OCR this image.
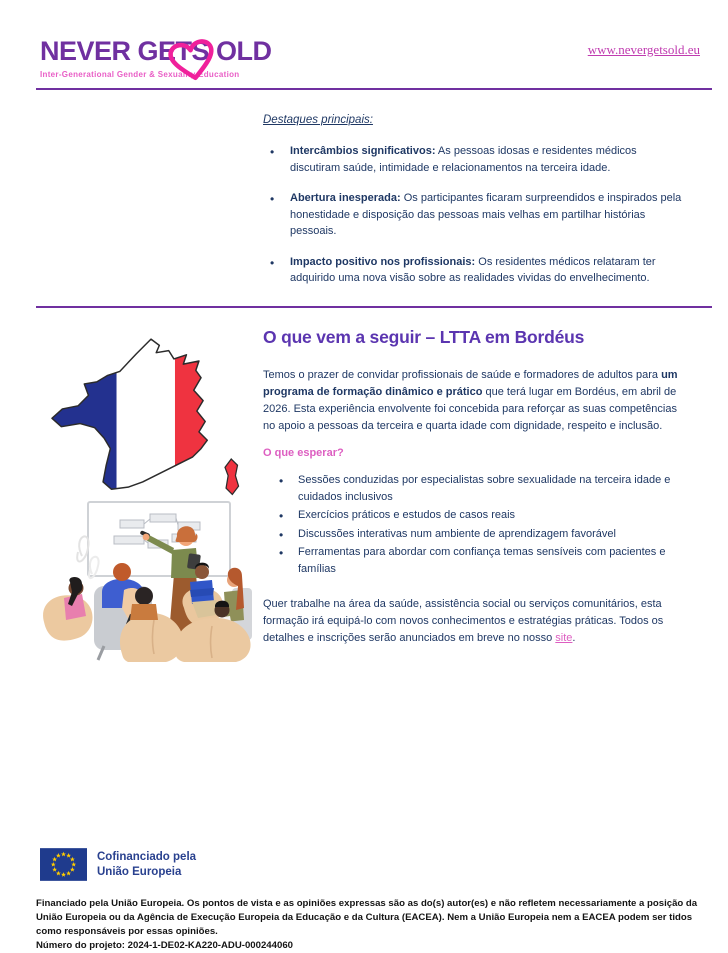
NEVER GETS OLD
Inter-Generational Gender & Sexuality Education
www.nevergetsold.eu

Destaques principais:

• Intercâmbios significativos: As pessoas idosas e residentes médicos discutiram saúde, intimidade e relacionamentos na terceira idade.
• Abertura inesperada: Os participantes ficaram surpreendidos e inspirados pela honestidade e disposição das pessoas mais velhas em partilhar histórias pessoais.
• Impacto positivo nos profissionais: Os residentes médicos relataram ter adquirido uma nova visão sobre as realidades vividas do envelhecimento.
O que vem a seguir – LTTA em Bordéus

Temos o prazer de convidar profissionais de saúde e formadores de adultos para um programa de formação dinâmico e prático que terá lugar em Bordéus, em abril de 2026. Esta experiência envolvente foi concebida para reforçar as suas competências no apoio a pessoas da terceira e quarta idade com dignidade, respeito e inclusão.

O que esperar?

• Sessões conduzidas por especialistas sobre sexualidade na terceira idade e cuidados inclusivos
• Exercícios práticos e estudos de casos reais
• Discussões interativas num ambiente de aprendizagem favorável
• Ferramentas para abordar com confiança temas sensíveis com pacientes e famílias

Quer trabalhe na área da saúde, assistência social ou serviços comunitários, esta formação irá equipá-lo com novos conhecimentos e estratégias práticas. Todos os detalhes e inscrições serão anunciados em breve no nosso site.

Cofinanciado pela
União Europeia

Financiado pela União Europeia. Os pontos de vista e as opiniões expressas são as do(s) autor(es) e não refletem necessariamente a posição da União Europeia ou da Agência de Execução Europeia da Educação e da Cultura (EACEA). Nem a União Europeia nem a EACEA podem ser tidos como responsáveis por essas opiniões.

Número do projeto: 2024-1-DE02-KA220-ADU-000244060
